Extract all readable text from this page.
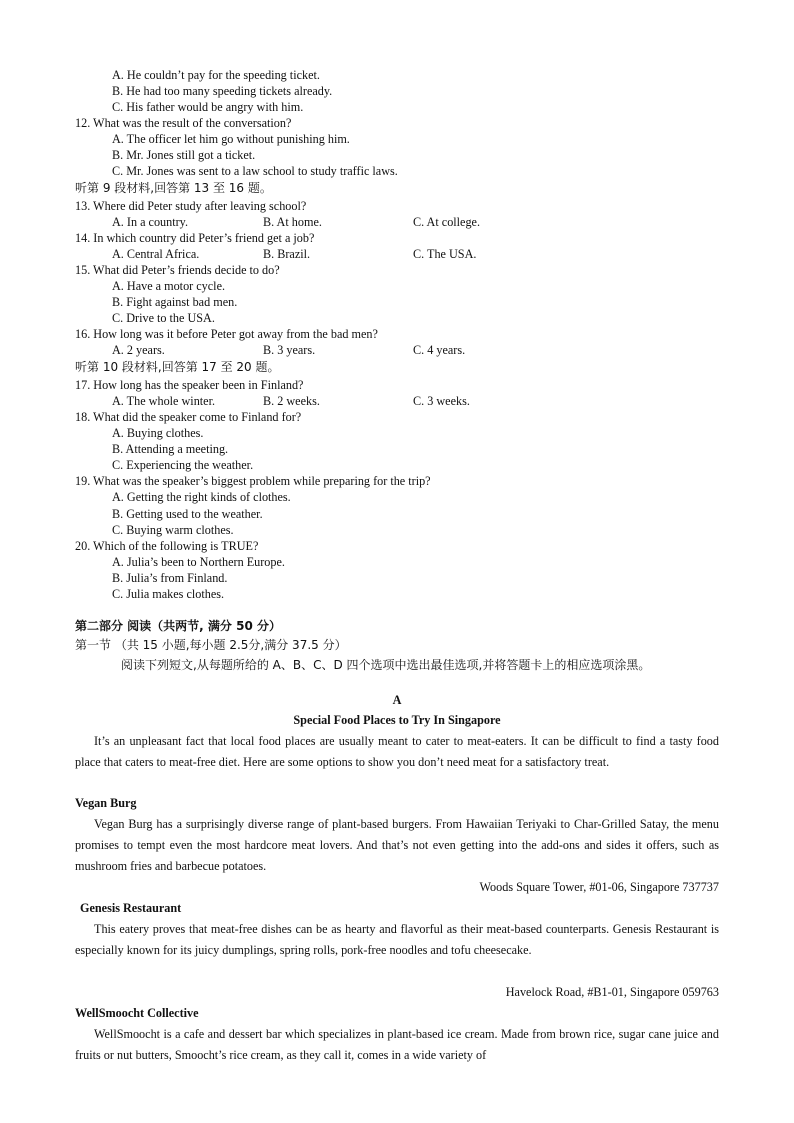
A. He couldn’t pay for the speeding ticket.
B. He had too many speeding tickets already.
C. His father would be angry with him.
12. What was the result of the conversation?
A. The officer let him go without punishing him.
B. Mr. Jones still got a ticket.
C. Mr. Jones was sent to a law school to study traffic laws.
听第 9 段材料,回答第 13 至 16 题。
13. Where did Peter study after leaving school?
A. In a country.	B. At home.	C. At college.
14. In which country did Peter’s friend get a job?
A. Central Africa.	B. Brazil.	C. The USA.
15. What did Peter’s friends decide to do?
A. Have a motor cycle.
B. Fight against bad men.
C. Drive to the USA.
16. How long was it before Peter got away from the bad men?
A. 2 years.	B. 3 years.	C. 4 years.
听第 10 段材料,回答第 17 至 20 题。
17. How long has the speaker been in Finland?
A. The whole winter.	B. 2 weeks.	C. 3 weeks.
18. What did the speaker come to Finland for?
A. Buying clothes.
B. Attending a meeting.
C. Experiencing the weather.
19. What was the speaker’s biggest problem while preparing for the trip?
A. Getting the right kinds of clothes.
B. Getting used to the weather.
C. Buying warm clothes.
20. Which of the following is TRUE?
A. Julia’s been to Northern Europe.
B. Julia’s from Finland.
C. Julia makes clothes.
第二部分 阅读（共两节, 满分 50 分）
第一节 （共 15 小题,每小题 2.5分,满分 37.5 分）
阅读下列短文,从每题所给的 A、B、C、D 四个选项中选出最佳选项,并将答题卡上的相应选项涂黑。
A
Special Food Places to Try In Singapore
It’s an unpleasant fact that local food places are usually meant to cater to meat-eaters. It can be difficult to find a tasty food place that caters to meat-free diet. Here are some options to show you don’t need meat for a satisfactory treat.
Vegan Burg
Vegan Burg has a surprisingly diverse range of plant-based burgers. From Hawaiian Teriyaki to Char-Grilled Satay, the menu promises to tempt even the most hardcore meat lovers. And that’s not even getting into the add-ons and sides it offers, such as mushroom fries and barbecue potatoes.
Woods Square Tower, #01-06, Singapore 737737
Genesis Restaurant
This eatery proves that meat-free dishes can be as hearty and flavorful as their meat-based counterparts. Genesis Restaurant is especially known for its juicy dumplings, spring rolls, pork-free noodles and tofu cheesecake.
Havelock Road, #B1-01, Singapore 059763
WellSmoocht Collective
WellSmoocht is a cafe and dessert bar which specializes in plant-based ice cream. Made from brown rice, sugar cane juice and fruits or nut butters, Smoocht’s rice cream, as they call it, comes in a wide variety of
